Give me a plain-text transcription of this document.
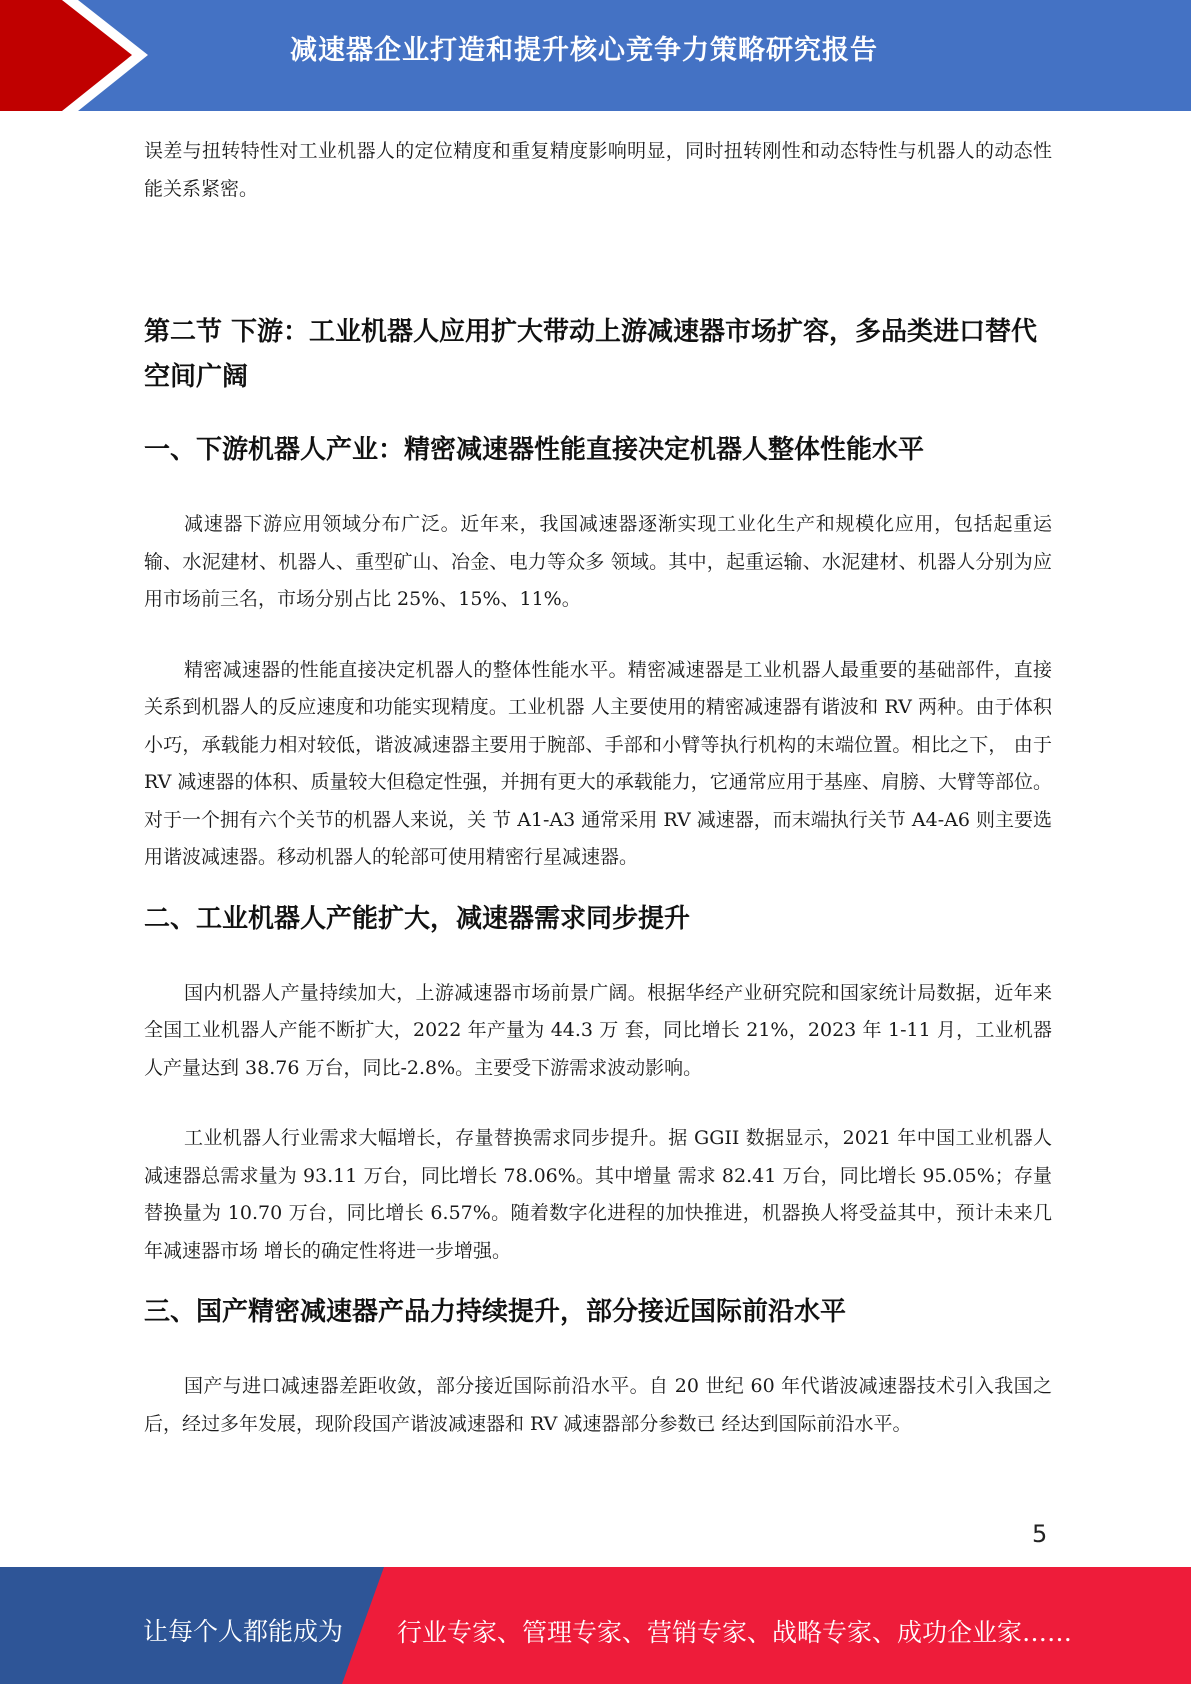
减速器企业打造和提升核心竞争力策略研究报告

误差与扭转特性对工业机器人的定位精度和重复精度影响明显，同时扭转刚性和动态特性与机器人的动态性能关系紧密。

第二节 下游：工业机器人应用扩大带动上游减速器市场扩容，多品类进口替代空间广阔
一、下游机器人产业：精密减速器性能直接决定机器人整体性能水平

减速器下游应用领域分布广泛。近年来，我国减速器逐渐实现工业化生产和规模化应用，包括起重运输、水泥建材、机器人、重型矿山、冶金、电力等众多 领域。其中，起重运输、水泥建材、机器人分别为应用市场前三名，市场分别占比 25%、15%、11%。

精密减速器的性能直接决定机器人的整体性能水平。精密减速器是工业机器人最重要的基础部件，直接关系到机器人的反应速度和功能实现精度。工业机器 人主要使用的精密减速器有谐波和 RV 两种。由于体积小巧，承载能力相对较低，谐波减速器主要用于腕部、手部和小臂等执行机构的末端位置。相比之下， 由于 RV 减速器的体积、质量较大但稳定性强，并拥有更大的承载能力，它通常应用于基座、肩膀、大臂等部位。对于一个拥有六个关节的机器人来说，关 节 A1-A3 通常采用 RV 减速器，而末端执行关节 A4-A6 则主要选用谐波减速器。移动机器人的轮部可使用精密行星减速器。

二、工业机器人产能扩大，减速器需求同步提升

国内机器人产量持续加大，上游减速器市场前景广阔。根据华经产业研究院和国家统计局数据，近年来全国工业机器人产能不断扩大，2022 年产量为 44.3 万 套，同比增长 21%，2023 年 1-11 月，工业机器人产量达到 38.76 万台，同比-2.8%。主要受下游需求波动影响。

工业机器人行业需求大幅增长，存量替换需求同步提升。据 GGII 数据显示，2021 年中国工业机器人减速器总需求量为 93.11 万台，同比增长 78.06%。其中增量 需求 82.41 万台，同比增长 95.05%；存量替换量为 10.70 万台，同比增长 6.57%。随着数字化进程的加快推进，机器换人将受益其中，预计未来几年减速器市场 增长的确定性将进一步增强。

三、国产精密减速器产品力持续提升，部分接近国际前沿水平

国产与进口减速器差距收敛，部分接近国际前沿水平。自 20 世纪 60 年代谐波减速器技术引入我国之后，经过多年发展，现阶段国产谐波减速器和 RV 减速器部分参数已 经达到国际前沿水平。

5
让每个人都能成为 行业专家、管理专家、营销专家、战略专家、成功企业家……
